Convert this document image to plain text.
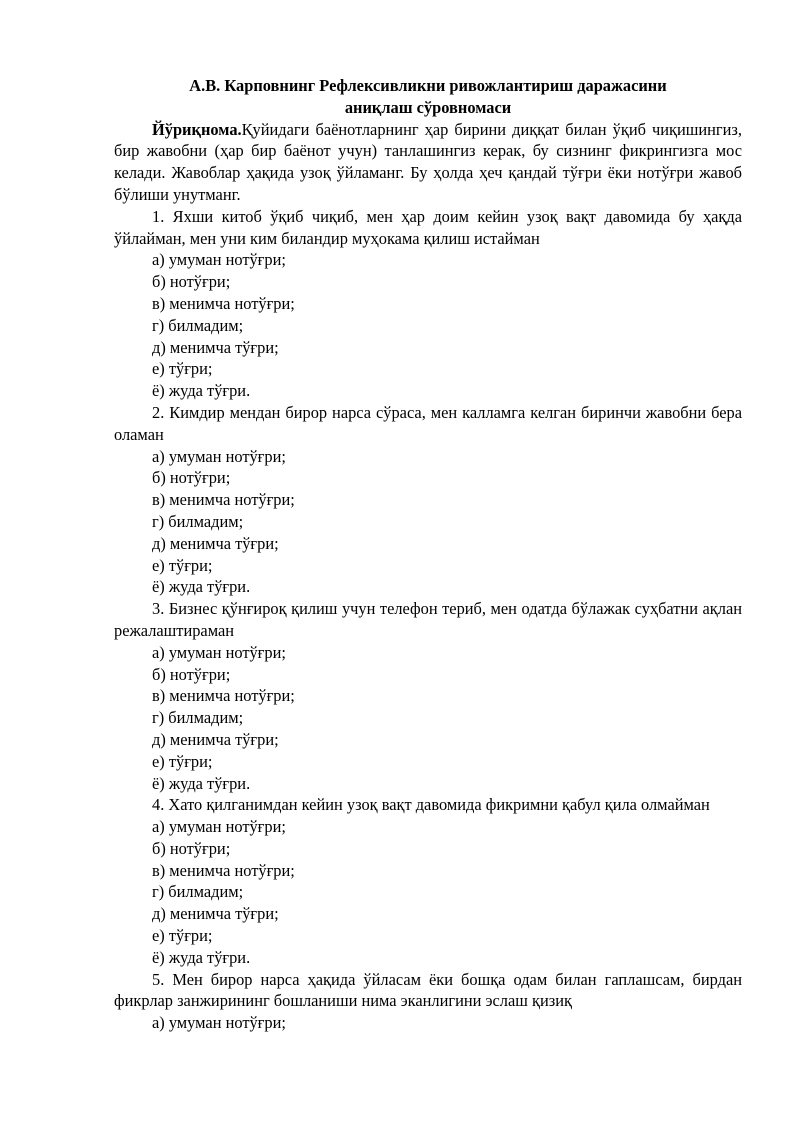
А.В. Карповнинг Рефлексивликни ривожлантириш даражасини
аниқлаш сўровномаси

Йўриқнома.Қуйидаги баёнотларнинг ҳар бирини диққат билан ўқиб чиқишингиз, бир жавобни (ҳар бир баёнот учун) танлашингиз керак, бу сизнинг фикрингизга мос келади. Жавоблар ҳақида узоқ ўйламанг. Бу ҳолда ҳеч қандай тўғри ёки нотўғри жавоб бўлиши унутманг.

1. Яхши китоб ўқиб чиқиб, мен ҳар доим кейин узоқ вақт давомида бу ҳақда ўйлайман, мен уни ким биландир муҳокама қилиш истайман

а) умуман нотўғри;

б) нотўғри;

в) менимча нотўғри;

г) билмадим;

д) менимча тўғри;

е) тўғри;

ё) жуда тўғри.

2. Кимдир мендан бирор нарса сўраса, мен калламга келган биринчи жавобни бера оламан

а) умуман нотўғри;

б) нотўғри;

в) менимча нотўғри;

г) билмадим;

д) менимча тўғри;

е) тўғри;

ё) жуда тўғри.

3. Бизнес қўнғироқ қилиш учун телефон териб, мен одатда бўлажак суҳбатни ақлан режалаштираман

а) умуман нотўғри;

б) нотўғри;

в) менимча нотўғри;

г) билмадим;

д) менимча тўғри;

е) тўғри;

ё) жуда тўғри.

4. Хато қилганимдан кейин узоқ вақт давомида фикримни қабул қила олмайман

а) умуман нотўғри;

б) нотўғри;

в) менимча нотўғри;

г) билмадим;

д) менимча тўғри;

е) тўғри;

ё) жуда тўғри.

5. Мен бирор нарса ҳақида ўйласам ёки бошқа одам билан гаплашсам, бирдан фикрлар занжирининг бошланиши нима эканлигини эслаш қизиқ

а) умуман нотўғри;
